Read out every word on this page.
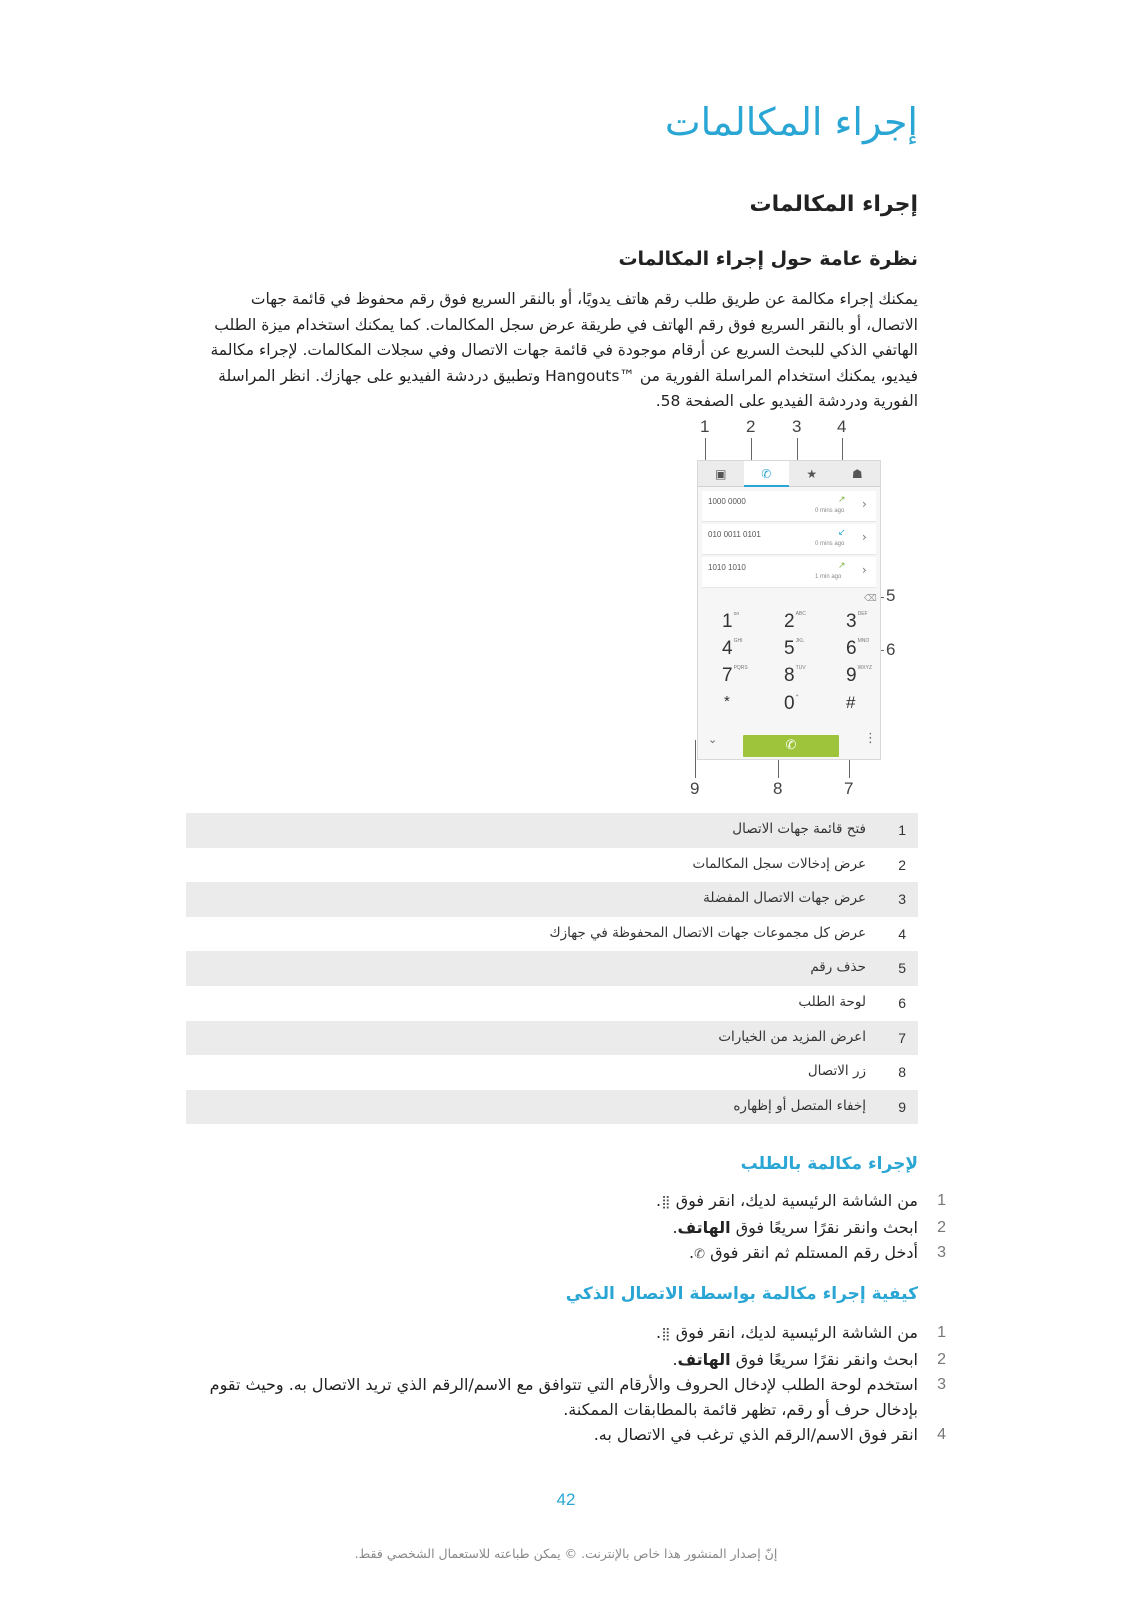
إجراء المكالمات
إجراء المكالمات
نظرة عامة حول إجراء المكالمات

يمكنك إجراء مكالمة عن طريق طلب رقم هاتف يدويًا، أو بالنقر السريع فوق رقم محفوظ في قائمة جهات الاتصال، أو بالنقر السريع فوق رقم الهاتف في طريقة عرض سجل المكالمات. كما يمكنك استخدام ميزة الطلب الهاتفي الذكي للبحث السريع عن أرقام موجودة في قائمة جهات الاتصال وفي سجلات المكالمات. لإجراء مكالمة فيديو، يمكنك استخدام المراسلة الفورية من ™Hangouts وتطبيق دردشة الفيديو على جهازك. انظر المراسلة الفورية ودردشة الفيديو على الصفحة 58.

1 2 3 4
5
6
7
8
9
▣	✆	★	☗
1000 0000	↗
0 mins ago ›
010 0011 0101	↙
0 mins ago ›
1010 1010	↗
1 min ago ›
⌫
$1^{oo}$ $2^{ABC}$ $3^{DEF}$
$4^{GHI}$ $5^{JKL}$ $6^{MNO}$
$7^{PQRS}$ $8^{TUV}$ $9^{WXYZ}$
*	0+	#
⌄	✆	⋮
1
فتح قائمة جهات الاتصال
2
عرض إدخالات سجل المكالمات
3
عرض جهات الاتصال المفضلة
4
عرض كل مجموعات جهات الاتصال المحفوظة في جهازك
5
حذف رقم
6
لوحة الطلب
7
اعرض المزيد من الخيارات
8
زر الاتصال
9
إخفاء المتصل أو إظهاره
لإجراء مكالمة بالطلب
1
من الشاشة الرئيسية لديك، انقر فوق ⣿.
2
ابحث وانقر نقرًا سريعًا فوق الهاتف.
3
أدخل رقم المستلم ثم انقر فوق ✆.
كيفية إجراء مكالمة بواسطة الاتصال الذكي
1
من الشاشة الرئيسية لديك، انقر فوق ⣿.
2
ابحث وانقر نقرًا سريعًا فوق الهاتف.
3
استخدم لوحة الطلب لإدخال الحروف والأرقام التي تتوافق مع الاسم/الرقم الذي تريد الاتصال به. وحيث تقوم بإدخال حرف أو رقم، تظهر قائمة بالمطابقات الممكنة.
4
انقر فوق الاسم/الرقم الذي ترغب في الاتصال به.
42
إنّ إصدار المنشور هذا خاص بالإنترنت. © يمكن طباعته للاستعمال الشخصي فقط.
